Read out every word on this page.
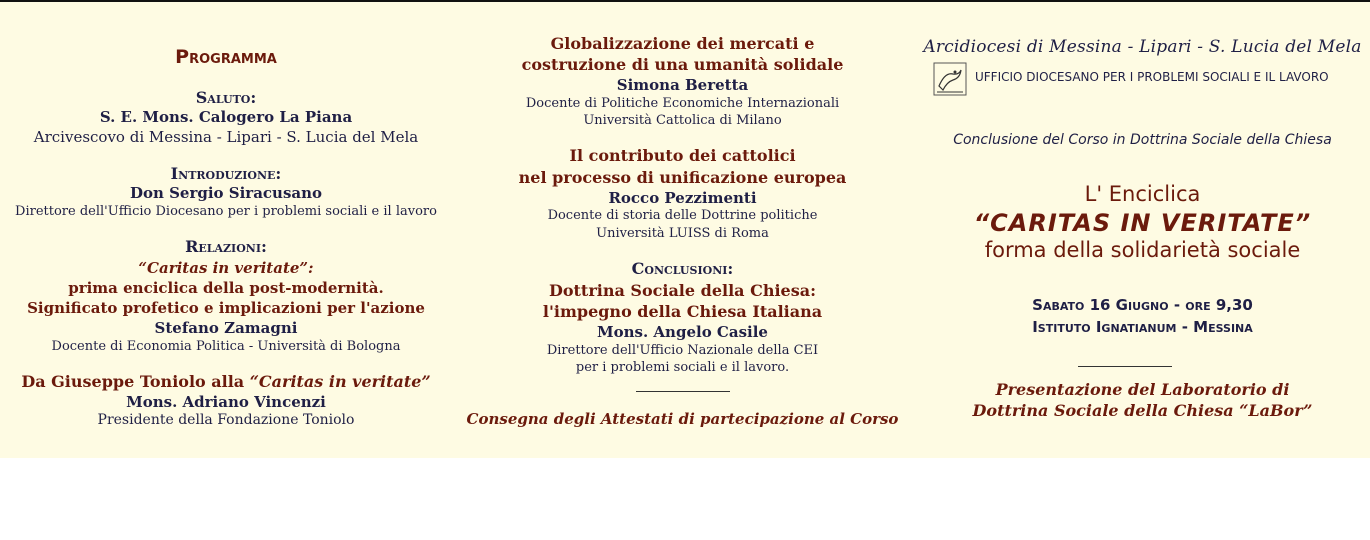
Programma
Saluto:
S. E. Mons. Calogero La Piana
Arcivescovo di Messina - Lipari - S. Lucia del Mela
Introduzione:
Don Sergio Siracusano
Direttore dell'Ufficio Diocesano per i problemi sociali e il lavoro
Relazioni:
“Caritas in veritate”:
prima enciclica della post-modernità.
Significato profetico e implicazioni per l'azione
Stefano Zamagni
Docente di Economia Politica - Università di Bologna
Da Giuseppe Toniolo alla “Caritas in veritate”
Mons. Adriano Vincenzi
Presidente della Fondazione Toniolo
Globalizzazione dei mercati e
costruzione di una umanità solidale
Simona Beretta
Docente di Politiche Economiche Internazionali
Università Cattolica di Milano
Il contributo dei cattolici
nel processo di unificazione europea
Rocco Pezzimenti
Docente di storia delle Dottrine politiche
Università LUISS di Roma
Conclusioni:
Dottrina Sociale della Chiesa:
l'impegno della Chiesa Italiana
Mons. Angelo Casile
Direttore dell'Ufficio Nazionale della CEI
per i problemi sociali e il lavoro.
Consegna degli Attestati di partecipazione al Corso
Arcidiocesi di Messina - Lipari - S. Lucia del Mela
UFFICIO DIOCESANO PER I PROBLEMI SOCIALI E IL LAVORO
Conclusione del Corso in Dottrina Sociale della Chiesa
L' Enciclica
“CARITAS IN VERITATE”
forma della solidarietà sociale
Sabato 16 Giugno - ore 9,30
Istituto Ignatianum - Messina
Presentazione del Laboratorio di
Dottrina Sociale della Chiesa “LaBor”
